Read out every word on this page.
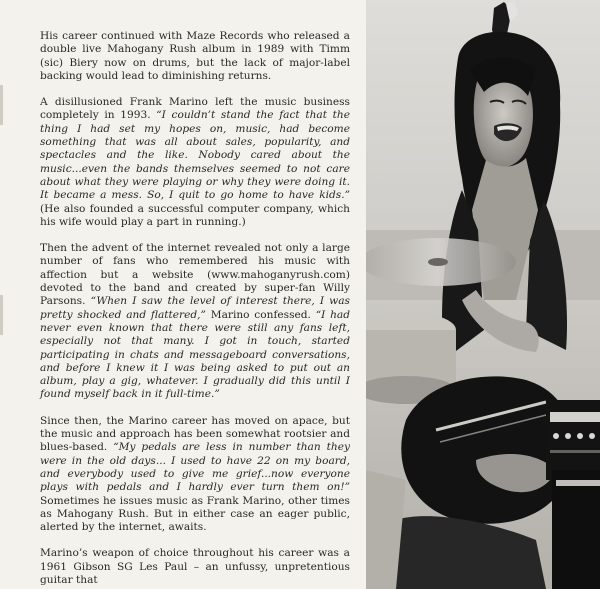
His career continued with Maze Records who released a double live Mahogany Rush album in 1989 with Timm (sic) Biery now on drums, but the lack of major-label backing would lead to diminishing returns.

A disillusioned Frank Marino left the music business completely in 1993. “I couldn’t stand the fact that the thing I had set my hopes on, music, had become something that was all about sales, popularity, and spectacles and the like. Nobody cared about the music...even the bands themselves seemed to not care about what they were playing or why they were doing it. It became a mess. So, I quit to go home to have kids.” (He also founded a successful computer company, which his wife would play a part in running.)

Then the advent of the internet revealed not only a large number of fans who remembered his music with affection but a website (www.mahoganyrush.com) devoted to the band and created by super-fan Willy Parsons. “When I saw the level of interest there, I was pretty shocked and flattered,” Marino confessed. “I had never even known that there were still any fans left, especially not that many. I got in touch, started participating in chats and messageboard conversations, and before I knew it I was being asked to put out an album, play a gig, whatever. I gradually did this until I found myself back in it full-time.”

Since then, the Marino career has moved on apace, but the music and approach has been somewhat rootsier and blues-based. “My pedals are less in number than they were in the old days... I used to have 22 on my board, and everybody used to give me grief...now everyone plays with pedals and I hardly ever turn them on!” Sometimes he issues music as Frank Marino, other times as Mahogany Rush. But in either case an eager public, alerted by the internet, awaits.

Marino’s weapon of choice throughout his career was a 1961 Gibson SG Les Paul – an unfussy, unpretentious guitar that
